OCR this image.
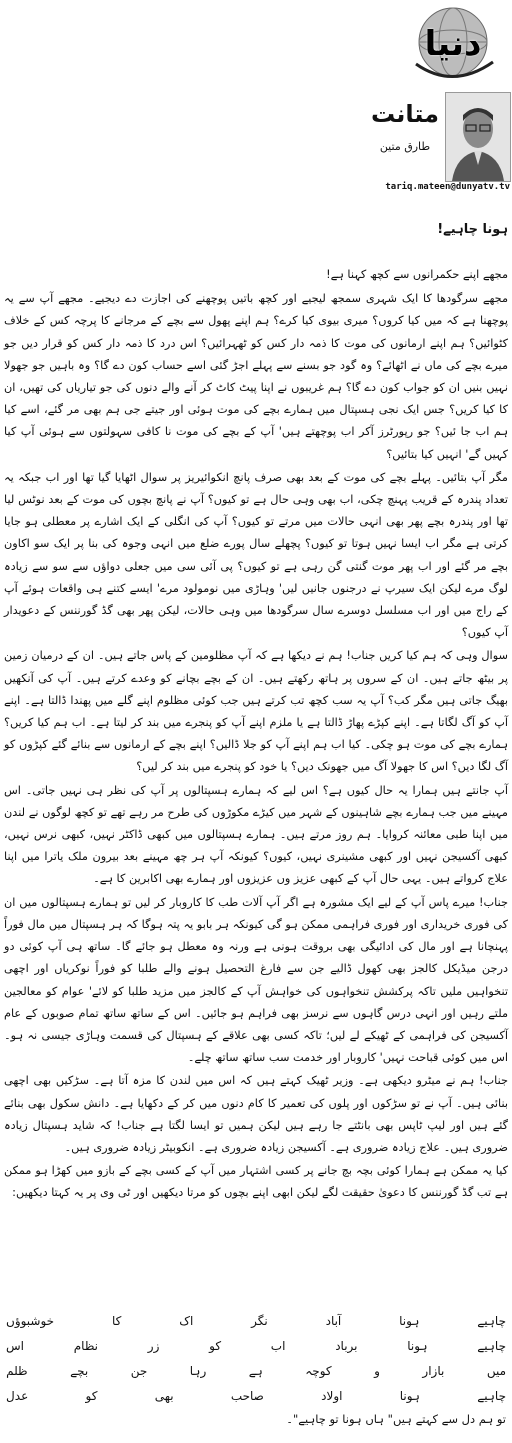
دنیا
متانت
طارق متین
tariq.mateen@dunyatv.tv
ہونا چاہیے!

مجھے اپنے حکمرانوں سے کچھ کہنا ہے!

مجھے سرگودھا کا ایک شہری سمجھ لیجیے اور کچھ باتیں پوچھنے کی اجازت دے دیجیے۔ مجھے آپ سے یہ پوچھنا ہے کہ میں کیا کروں؟ میری بیوی کیا کرے؟ ہم اپنے پھول سے بچے کے مرجانے کا پرچہ کس کے خلاف کٹوائیں؟ ہم اپنے ارمانوں کی موت کا ذمہ دار کس کو ٹھہرائیں؟ اس درد کا ذمہ دار کس کو قرار دیں جو میرے بچے کی ماں نے اٹھائے؟ وہ گود جو بسنے سے پہلے اجڑ گئی اسے حساب کون دے گا؟ وہ باہیں جو جھولا نہیں بنیں ان کو جواب کون دے گا؟ ہم غریبوں نے اپنا پیٹ کاٹ کر آنے والے دنوں کی جو تیاریاں کی تھیں، ان کا کیا کریں؟ جس ایک نجی ہسپتال میں ہمارے بچے کی موت ہوئی اور جیتے جی ہم بھی مر گئے، اسے کیا ہم اب جا ئیں؟ جو رپورٹرز آکر اب پوچھتے ہیں' آپ کے بچے کی موت نا کافی سہولتوں سے ہوئی آپ کیا کہیں گے' انہیں کیا بتائیں؟

مگر آپ بتائیں۔ پہلے بچے کی موت کے بعد بھی صرف پانچ انکوائیریز پر سوال اٹھایا گیا تھا اور اب جبکہ یہ تعداد پندرہ کے قریب پہنچ چکی، اب بھی وہی حال ہے تو کیوں؟ آپ نے پانچ بچوں کی موت کے بعد نوٹس لیا تھا اور پندرہ بچے پھر بھی انہی حالات میں مرتے تو کیوں؟ آپ کی انگلی کے ایک اشارے پر معطلی ہو جایا کرتی ہے مگر اب ایسا نہیں ہوتا تو کیوں؟ پچھلے سال پورے ضلع میں انہی وجوہ کی بنا پر ایک سو اکاون بچے مر گئے اور اب پھر موت گنتی گن رہی ہے تو کیوں؟ پی آئی سی میں جعلی دواؤں سے سو سے زیادہ لوگ مرے لیکن ایک سیرپ نے درجنوں جانیں لیں' وہاڑی میں نومولود مرے' ایسے کتنے ہی واقعات ہوئے آپ کے راج میں اور اب مسلسل دوسرے سال سرگودھا میں وہی حالات، لیکن پھر بھی گڈ گورننس کے دعویدار آپ کیوں؟

سوال وہی کہ ہم کیا کریں جناب! ہم نے دیکھا ہے کہ آپ مظلومین کے پاس جاتے ہیں۔ ان کے درمیان زمین پر بیٹھ جاتے ہیں۔ ان کے سروں پر ہاتھ رکھتے ہیں۔ ان کے بچے بچانے کو وعدے کرتے ہیں۔ آپ کی آنکھیں بھیگ جاتی ہیں مگر کب؟ آپ یہ سب کچھ تب کرتے ہیں جب کوئی مظلوم اپنے گلے میں پھندا ڈالتا ہے۔ اپنے آپ کو آگ لگاتا ہے۔ اپنے کپڑے پھاڑ ڈالتا ہے یا ملزم اپنے آپ کو پنجرے میں بند کر لیتا ہے۔ اب ہم کیا کریں؟ ہمارے بچے کی موت ہو چکی۔ کیا اب ہم اپنے آپ کو جلا ڈالیں؟ اپنے بچے کے ارمانوں سے بنائے گئے کپڑوں کو آگ لگا دیں؟ اس کا جھولا آگ میں جھونک دیں؟ یا خود کو پنجرے میں بند کر لیں؟

آپ جانتے ہیں ہمارا یہ حال کیوں ہے؟ اس لیے کہ ہمارے ہسپتالوں پر آپ کی نظر ہی نہیں جاتی۔ اس مہینے میں جب ہمارے بچے شاہینوں کے شہر میں کیڑے مکوڑوں کی طرح مر رہے تھے تو کچھ لوگوں نے لندن میں اپنا طبی معائنہ کروایا۔ ہم روز مرتے ہیں۔ ہمارے ہسپتالوں میں کبھی ڈاکٹر نہیں، کبھی نرس نہیں، کبھی آکسیجن نہیں اور کبھی مشینری نہیں، کیوں؟ کیونکہ آپ ہر چھ مہینے بعد بیرون ملک یاترا میں اپنا علاج کرواتے ہیں۔ یہی حال آپ کے کبھی عزیز وں عزیزوں اور ہمارے بھی اکابرین کا ہے۔

جناب! میرے پاس آپ کے لیے ایک مشورہ ہے اگر آپ آلات طب کا کاروبار کر لیں تو ہمارے ہسپتالوں میں ان کی فوری خریداری اور فوری فراہمی ممکن ہو گی کیونکہ ہر بابو یہ پتہ ہوگا کہ ہر ہسپتال میں مال فوراً پہنچانا ہے اور مال کی ادائیگی بھی بروقت ہونی ہے ورنہ وہ معطل ہو جائے گا۔ ساتھ ہی آپ کوئی دو درجن میڈیکل کالجز بھی کھول ڈالیے جن سے فارغ التحصیل ہونے والے طلبا کو فوراً نوکریاں اور اچھی تنخواہیں ملیں تاکہ پرکشش تنخواہوں کی خواہش آپ کے کالجز میں مزید طلبا کو لائے' عوام کو معالجین ملتے رہیں اور انہی درس گاہوں سے نرسز بھی فراہم ہو جائیں۔ اس کے ساتھ ساتھ تمام صوبوں کے عام آکسیجن کی فراہمی کے ٹھیکے لے لیں؛ تاکہ کسی بھی علاقے کے ہسپتال کی قسمت وہاڑی جیسی نہ ہو۔ اس میں کوئی قباحت نہیں' کاروبار اور خدمت سب ساتھ ساتھ چلے۔

جناب! ہم نے میٹرو دیکھی ہے۔ وزیر ٹھیک کہتے ہیں کہ اس میں لندن کا مزہ آتا ہے۔ سڑکیں بھی اچھی بنائی ہیں۔ آپ نے تو سڑکوں اور پلوں کی تعمیر کا کام دنوں میں کر کے دکھایا ہے۔ دانش سکول بھی بنائے گئے ہیں اور لیپ ٹاپس بھی بانٹتے جا رہے ہیں لیکن ہمیں تو ایسا لگتا ہے جناب! کہ شاید ہسپتال زیادہ ضروری ہیں۔ علاج زیادہ ضروری ہے۔ آکسیجن زیادہ ضروری ہے۔ انکوبیٹر زیادہ ضروری ہیں۔

کیا یہ ممکن ہے ہمارا کوئی بچہ بچ جانے پر کسی اشتہار میں آپ کے کسی بچے کے بازو میں کھڑا ہو ممکن ہے تب گڈ گورننس کا دعویٰ حقیقت لگے لیکن ابھی اپنے بچوں کو مرتا دیکھیں اور ٹی وی پر یہ کہتا دیکھیں:

خوشبوؤں	کا	اک	نگر	آباد	ہونا	چاہیے
اس	نظام	زر	کو	اب	برباد	ہونا	چاہیے
ظلم	بچے	جن	رہا	ہے	کوچہ	و	بازار	میں
عدل	کو	بھی	صاحب	اولاد	ہونا	چاہیے
تو ہم دل سے کہتے ہیں" ہاں ہونا تو چاہیے"۔
